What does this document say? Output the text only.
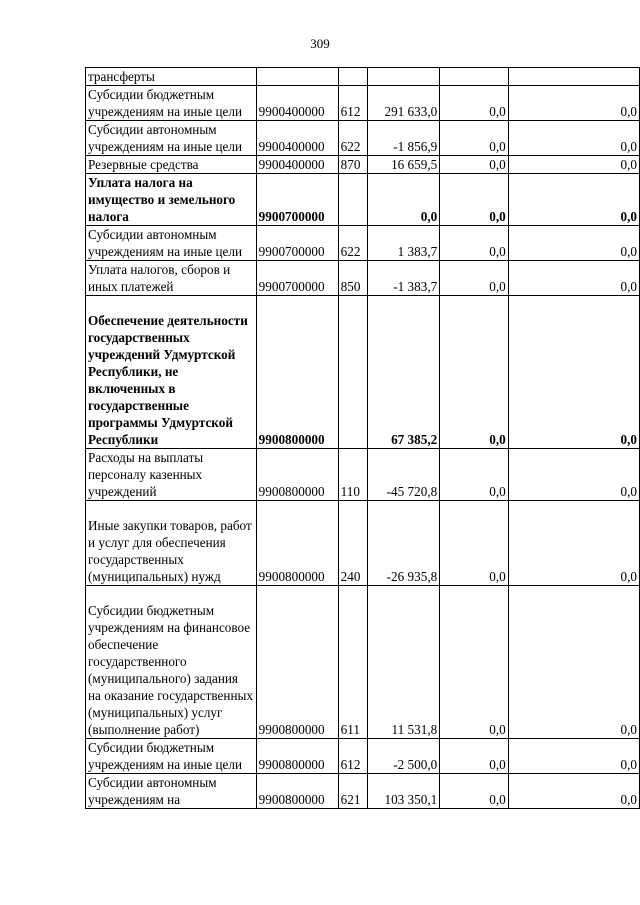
309
трансферты					
Субсидии бюджетным учреждениям на иные цели	9900400000	612	291 633,0	0,0	0,0
Субсидии автономным учреждениям на иные цели	9900400000	622	-1 856,9	0,0	0,0
Резервные средства	9900400000	870	16 659,5	0,0	0,0
Уплата налога на имущество и земельного налога	9900700000		0,0	0,0	0,0
Субсидии автономным учреждениям на иные цели	9900700000	622	1 383,7	0,0	0,0
Уплата налогов, сборов и иных платежей	9900700000	850	-1 383,7	0,0	0,0
Обеспечение деятельности государственных учреждений Удмуртской Республики, не включенных в государственные программы Удмуртской Республики	9900800000		67 385,2	0,0	0,0
Расходы на выплаты персоналу казенных учреждений	9900800000	110	-45 720,8	0,0	0,0
Иные закупки товаров, работ и услуг для обеспечения государственных (муниципальных) нужд	9900800000	240	-26 935,8	0,0	0,0
Субсидии бюджетным учреждениям на финансовое обеспечение государственного (муниципального) задания на оказание государственных (муниципальных) услуг (выполнение работ)	9900800000	611	11 531,8	0,0	0,0
Субсидии бюджетным учреждениям на иные цели	9900800000	612	-2 500,0	0,0	0,0
Субсидии автономным учреждениям на	9900800000	621	103 350,1	0,0	0,0
